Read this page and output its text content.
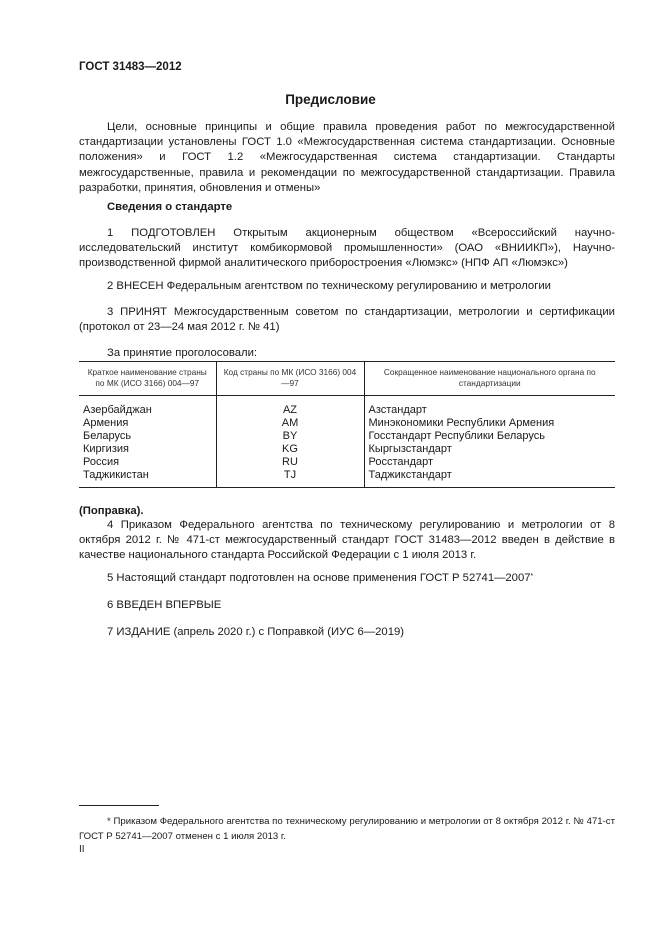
ГОСТ 31483—2012
Предисловие
Цели, основные принципы и общие правила проведения работ по межгосударственной стандартизации установлены ГОСТ 1.0 «Межгосударственная система стандартизации. Основные положения» и ГОСТ 1.2 «Межгосударственная система стандартизации. Стандарты межгосударственные, правила и рекомендации по межгосударственной стандартизации. Правила разработки, принятия, обновления и отмены»
Сведения о стандарте
1 ПОДГОТОВЛЕН Открытым акционерным обществом «Всероссийский научно-исследовательский институт комбикормовой промышленности» (ОАО «ВНИИКП»), Научно-производственной фирмой аналитического приборостроения «Люмэкс» (НПФ АП «Люмэкс»)
2 ВНЕСЕН Федеральным агентством по техническому регулированию и метрологии
3 ПРИНЯТ Межгосударственным советом по стандартизации, метрологии и сертификации (протокол от 23—24 мая 2012 г. № 41)
За принятие проголосовали:
Краткое наименование страны по МК (ИСО 3166) 004—97	Код страны по МК (ИСО 3166) 004—97	Сокращенное наименование национального органа по стандартизации
Азербайджан	AZ	Азстандарт
Армения	AM	Минэкономики Республики Армения
Беларусь	BY	Госстандарт Республики Беларусь
Киргизия	KG	Кыргызстандарт
Россия	RU	Росстандарт
Таджикистан	TJ	Таджикстандарт
(Поправка).
4 Приказом Федерального агентства по техническому регулированию и метрологии от 8 октября 2012 г. № 471-ст межгосударственный стандарт ГОСТ 31483—2012 введен в действие в качестве национального стандарта Российской Федерации с 1 июля 2013 г.
5 Настоящий стандарт подготовлен на основе применения ГОСТ Р 52741—2007*
6 ВВЕДЕН ВПЕРВЫЕ
7 ИЗДАНИЕ (апрель 2020 г.) с Поправкой (ИУС 6—2019)
* Приказом Федерального агентства по техническому регулированию и метрологии от 8 октября 2012 г. № 471-ст ГОСТ Р 52741—2007 отменен с 1 июля 2013 г.
II
